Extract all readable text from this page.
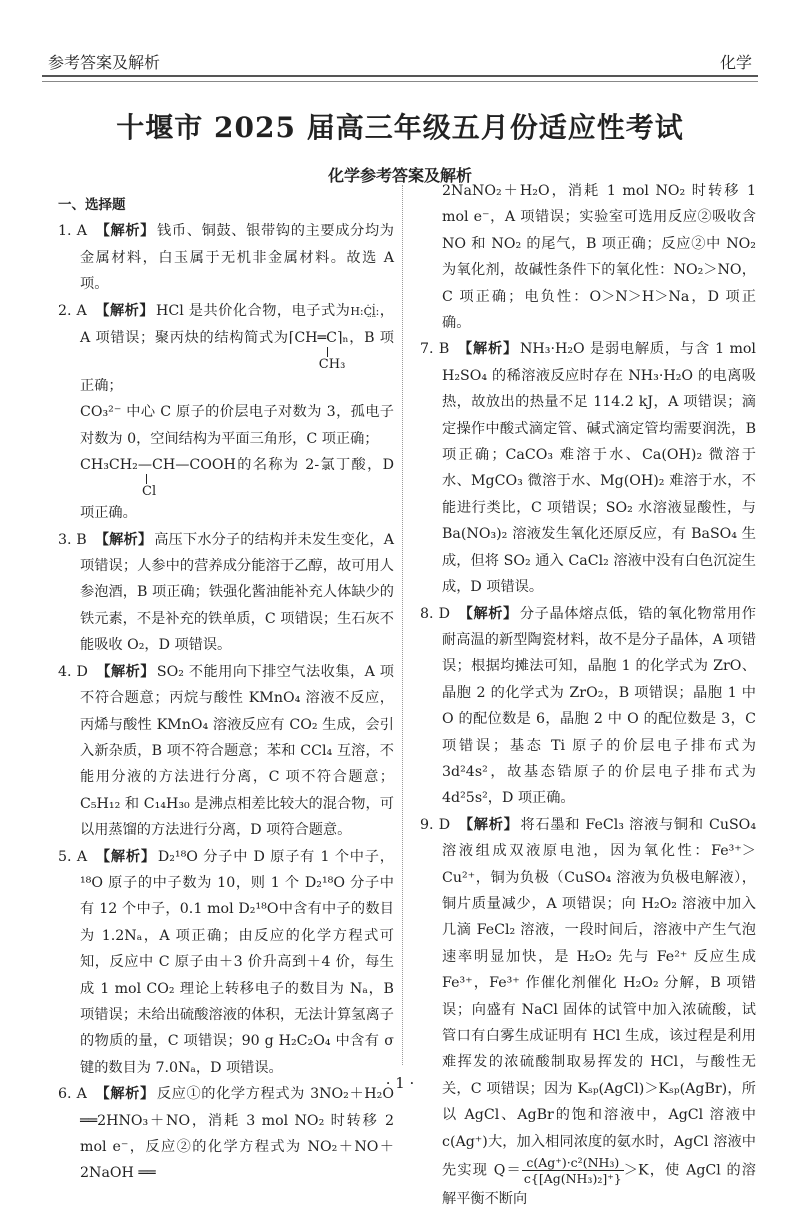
参考答案及解析	化学
十堰市 2025 届高三年级五月份适应性考试
化学参考答案及解析
一、选择题
1. A 【解析】 钱币、铜鼓、银带钩的主要成分均为金属材料，白玉属于无机非金属材料。故选 A 项。
2. A 【解析】 HCl 是共价化合物，电子式为H:Ċ̤l̤̇:，A 项错误；聚丙炔的结构简式为⌈CH═C⌉ₙ
CH₃
，B 项正确；
CO₃²⁻ 中心 C 原子的价层电子对数为 3，孤电子对数为 0，空间结构为平面三角形，C 项正确；
CH₃CH₂—CH—COOH
Cl
的名称为 2-氯丁酸，D 项正确。
3. B 【解析】 高压下水分子的结构并未发生变化，A 项错误；人参中的营养成分能溶于乙醇，故可用人参泡酒，B 项正确；铁强化酱油能补充人体缺少的铁元素，不是补充的铁单质，C 项错误；生石灰不能吸收 O₂，D 项错误。
4. D 【解析】 SO₂ 不能用向下排空气法收集，A 项不符合题意；丙烷与酸性 KMnO₄ 溶液不反应，丙烯与酸性 KMnO₄ 溶液反应有 CO₂ 生成，会引入新杂质，B 项不符合题意；苯和 CCl₄ 互溶，不能用分液的方法进行分离，C 项不符合题意；C₅H₁₂ 和 C₁₄H₃₀ 是沸点相差比较大的混合物，可以用蒸馏的方法进行分离，D 项符合题意。
5. A 【解析】 D₂¹⁸O 分子中 D 原子有 1 个中子，¹⁸O 原子的中子数为 10，则 1 个 D₂¹⁸O 分子中有 12 个中子，0.1 mol D₂¹⁸O中含有中子的数目为 1.2Nₐ，A 项正确；由反应的化学方程式可知，反应中 C 原子由＋3 价升高到＋4 价，每生成 1 mol CO₂ 理论上转移电子的数目为 Nₐ，B 项错误；未给出硫酸溶液的体积，无法计算氢离子的物质的量，C 项错误；90 g H₂C₂O₄ 中含有 σ 键的数目为 7.0Nₐ，D 项错误。
6. A 【解析】 反应①的化学方程式为 3NO₂＋H₂O ══2HNO₃＋NO，消耗 3 mol NO₂ 时转移 2 mol e⁻，反应②的化学方程式为 NO₂＋NO＋2NaOH ══
2NaNO₂＋H₂O，消耗 1 mol NO₂ 时转移 1 mol e⁻，A 项错误；实验室可选用反应②吸收含 NO 和 NO₂ 的尾气，B 项正确；反应②中 NO₂ 为氧化剂，故碱性条件下的氧化性：NO₂＞NO，C 项正确；电负性：O＞N＞H＞Na，D 项正确。
7. B 【解析】 NH₃·H₂O 是弱电解质，与含 1 mol H₂SO₄ 的稀溶液反应时存在 NH₃·H₂O 的电离吸热，故放出的热量不足 114.2 kJ，A 项错误；滴定操作中酸式滴定管、碱式滴定管均需要润洗，B 项正确；CaCO₃ 难溶于水、Ca(OH)₂ 微溶于水、MgCO₃ 微溶于水、Mg(OH)₂ 难溶于水，不能进行类比，C 项错误；SO₂ 水溶液显酸性，与 Ba(NO₃)₂ 溶液发生氧化还原反应，有 BaSO₄ 生成，但将 SO₂ 通入 CaCl₂ 溶液中没有白色沉淀生成，D 项错误。
8. D 【解析】 分子晶体熔点低，锆的氧化物常用作耐高温的新型陶瓷材料，故不是分子晶体，A 项错误；根据均摊法可知，晶胞 1 的化学式为 ZrO、晶胞 2 的化学式为 ZrO₂，B 项错误；晶胞 1 中 O 的配位数是 6，晶胞 2 中 O 的配位数是 3，C 项错误；基态 Ti 原子的价层电子排布式为 3d²4s²，故基态锆原子的价层电子排布式为 4d²5s²，D 项正确。
9. D 【解析】 将石墨和 FeCl₃ 溶液与铜和 CuSO₄ 溶液组成双液原电池，因为氧化性：Fe³⁺＞Cu²⁺，铜为负极（CuSO₄ 溶液为负极电解液），铜片质量减少，A 项错误；向 H₂O₂ 溶液中加入几滴 FeCl₂ 溶液，一段时间后，溶液中产生气泡速率明显加快，是 H₂O₂ 先与 Fe²⁺ 反应生成 Fe³⁺，Fe³⁺ 作催化剂催化 H₂O₂ 分解，B 项错误；向盛有 NaCl 固体的试管中加入浓硫酸，试管口有白雾生成证明有 HCl 生成，该过程是利用难挥发的浓硫酸制取易挥发的 HCl，与酸性无关，C 项错误；因为 Kₛₚ(AgCl)＞Kₛₚ(AgBr)，所以 AgCl、AgBr的饱和溶液中，AgCl 溶液中 c(Ag⁺)大，加入相同浓度的氨水时，AgCl 溶液中先实现 $Q= \frac{\text{c(Ag⁺)·c²(NH₃)}}{\text{c\{[Ag(NH₃)₂]⁺\}}} >K$，使 AgCl 的溶解平衡不断向
· 1 ·
